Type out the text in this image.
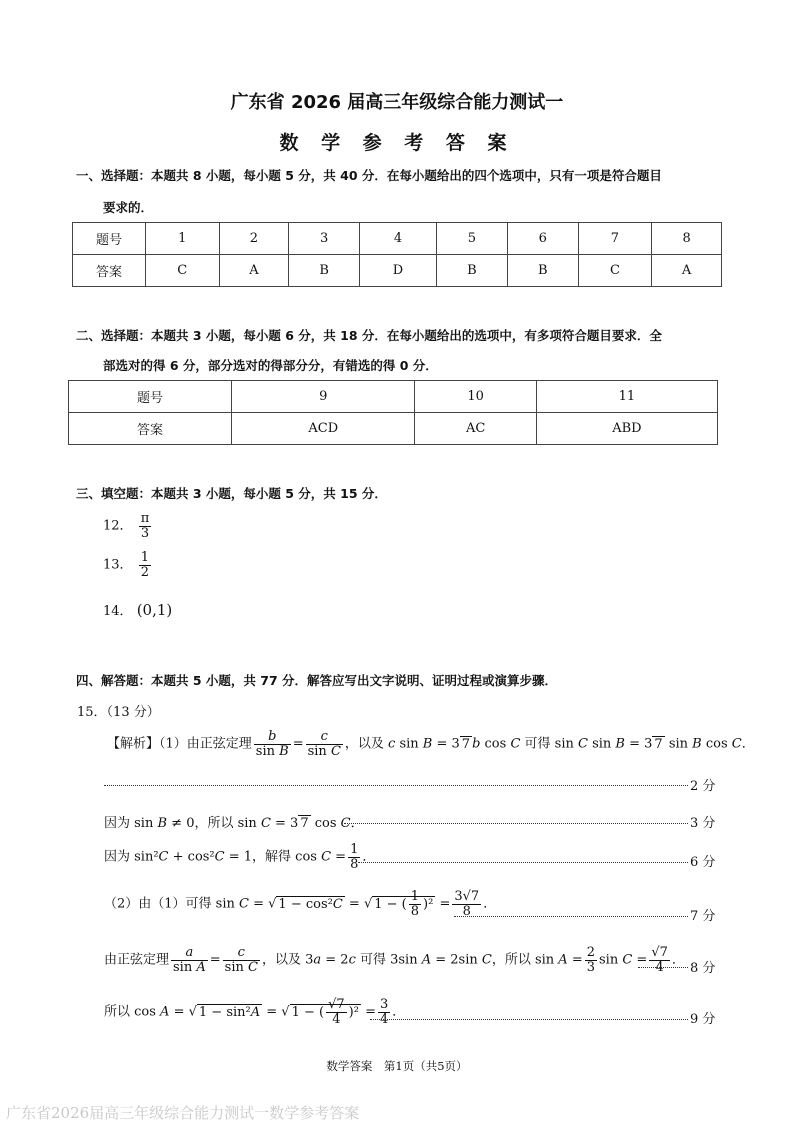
广东省 2026 届高三年级综合能力测试一
数 学 参 考 答 案
一、选择题：本题共 8 小题，每小题 5 分，共 40 分．在每小题给出的四个选项中，只有一项是符合题目
要求的．
题号	1	2	3	4	5	6	7	8
答案	C	A	B	D	B	B	C	A
二、选择题：本题共 3 小题，每小题 6 分，共 18 分．在每小题给出的选项中，有多项符合题目要求．全
部选对的得 6 分，部分选对的得部分分，有错选的得 0 分．
题号	9	10	11
答案	ACD	AC	ABD
三、填空题：本题共 3 小题，每小题 5 分，共 15 分．
12． $\frac{\pi}{3}$
13． $\frac{1}{2}$
14． (0,1)
四、解答题：本题共 5 小题，共 77 分．解答应写出文字说明、证明过程或演算步骤．
15．（13 分）
【解析】（1）由正弦定理 $\frac{b}{\text{sin B}} = \frac{c}{\text{sin C}}$ ，以及 c sin B = 3 7 b cos C 可得 sin C sin B = 3 7 sin B cos C．
2 分
因为 sin B ≠ 0，所以 sin C = 3 7 cos C．	3 分
因为 sin²C + cos²C = 1，解得 $\cos C = \frac{1}{8}$ ．	6 分
（2）由（1）可得 sin C = √ 1 − cos²C = √ 1 − ( $\frac{1}{8} )^2 = \frac{3√7}{8}$ ．
7 分
由正弦定理 $\frac{a}{\text{sin A}} = \frac{c}{\text{sin C}}$ ，以及 3a = 2c 可得 3sin A = 2sin C，所以 $\sin A = \frac{2}{3}$ $\sin C = \frac{√7}{4}$ ．
8 分
所以 cos A = √ 1 − sin²A = √ 1 − ( $\frac{√7}{4} )^2 = \frac{3}{4}$ ．	9 分
数学答案　第1页（共5页）
广东省2026届高三年级综合能力测试一数学参考答案
